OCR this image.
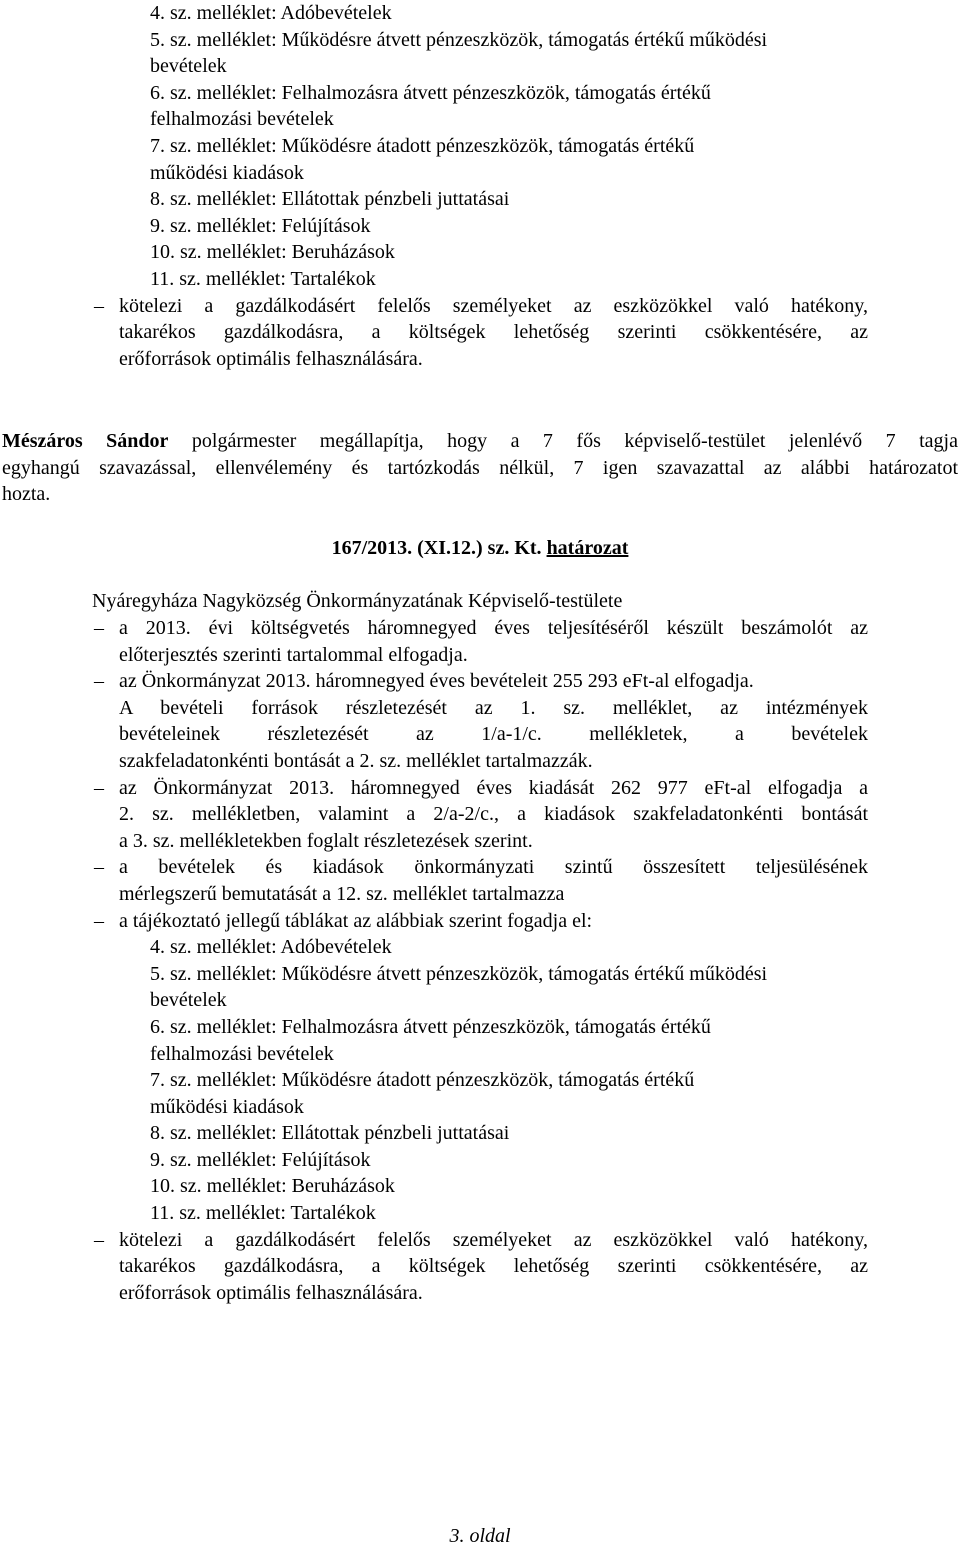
4. sz. melléklet: Adóbevételek
5. sz. melléklet: Működésre átvett pénzeszközök, támogatás értékű működési
bevételek
6. sz. melléklet: Felhalmozásra átvett pénzeszközök, támogatás értékű
felhalmozási bevételek
7. sz. melléklet: Működésre átadott pénzeszközök, támogatás értékű
működési kiadások
8. sz. melléklet: Ellátottak pénzbeli juttatásai
9. sz. melléklet: Felújítások
10. sz. melléklet: Beruházások
11. sz. melléklet: Tartalékok
– kötelezi a gazdálkodásért felelős személyeket az eszközökkel való hatékony,
takarékos gazdálkodásra, a költségek lehetőség szerinti csökkentésére, az
erőforrások optimális felhasználására.
Mészáros Sándor polgármester megállapítja, hogy a 7 fős képviselő-testület jelenlévő 7 tagja
egyhangú szavazással, ellenvélemény és tartózkodás nélkül, 7 igen szavazattal az alábbi határozatot
hozta.
167/2013. (XI.12.) sz. Kt. határozat
Nyáregyháza Nagyközség Önkormányzatának Képviselő-testülete
– a 2013. évi költségvetés háromnegyed éves teljesítéséről készült beszámolót az
előterjesztés szerinti tartalommal elfogadja.
– az Önkormányzat 2013. háromnegyed éves bevételeit 255 293 eFt-al elfogadja.
A bevételi források részletezését az 1. sz. melléklet, az intézmények
bevételeinek részletezését az 1/a-1/c. mellékletek, a bevételek
szakfeladatonkénti bontását a 2. sz. melléklet tartalmazzák.
– az Önkormányzat 2013. háromnegyed éves kiadását 262 977 eFt-al elfogadja a
2. sz. mellékletben, valamint a 2/a-2/c., a kiadások szakfeladatonkénti bontását
a 3. sz. mellékletekben foglalt részletezések szerint.
– a bevételek és kiadások önkormányzati szintű összesített teljesülésének
mérlegszerű bemutatását a 12. sz. melléklet tartalmazza
– a tájékoztató jellegű táblákat az alábbiak szerint fogadja el:
4. sz. melléklet: Adóbevételek
5. sz. melléklet: Működésre átvett pénzeszközök, támogatás értékű működési
bevételek
6. sz. melléklet: Felhalmozásra átvett pénzeszközök, támogatás értékű
felhalmozási bevételek
7. sz. melléklet: Működésre átadott pénzeszközök, támogatás értékű
működési kiadások
8. sz. melléklet: Ellátottak pénzbeli juttatásai
9. sz. melléklet: Felújítások
10. sz. melléklet: Beruházások
11. sz. melléklet: Tartalékok
– kötelezi a gazdálkodásért felelős személyeket az eszközökkel való hatékony,
takarékos gazdálkodásra, a költségek lehetőség szerinti csökkentésére, az
erőforrások optimális felhasználására.
3. oldal
